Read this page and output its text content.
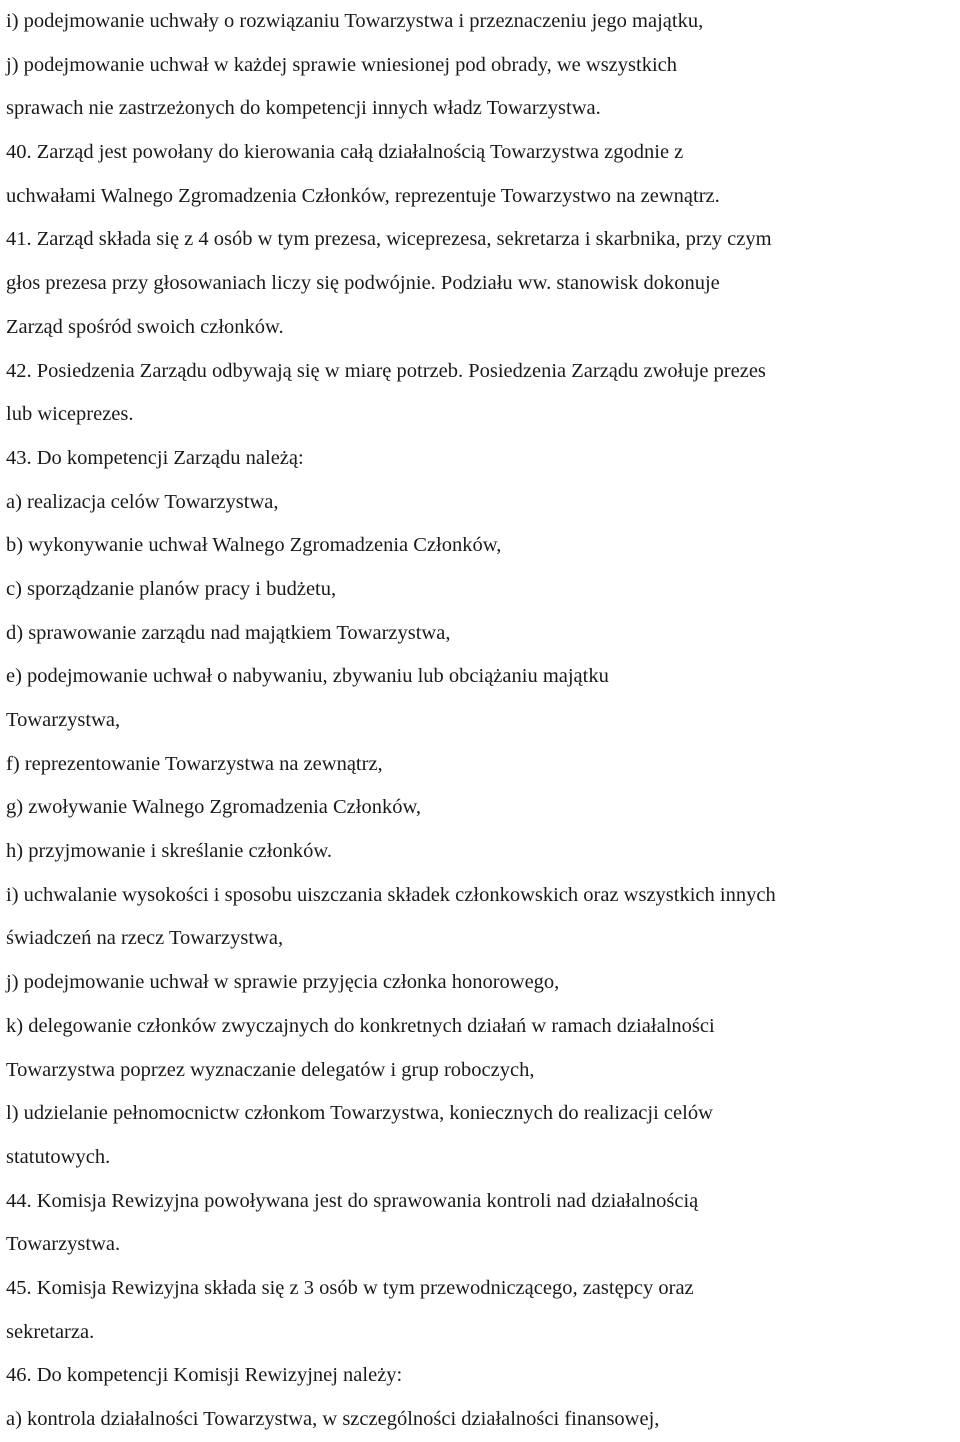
i) podejmowanie uchwały o rozwiązaniu Towarzystwa i przeznaczeniu jego majątku,
j) podejmowanie uchwał w każdej sprawie wniesionej pod obrady, we wszystkich
sprawach nie zastrzeżonych do kompetencji innych władz Towarzystwa.
40. Zarząd jest powołany do kierowania całą działalnością Towarzystwa zgodnie z
uchwałami Walnego Zgromadzenia Członków, reprezentuje Towarzystwo na zewnątrz.
41. Zarząd składa się z 4 osób w tym prezesa, wiceprezesa, sekretarza i skarbnika, przy czym
głos prezesa przy głosowaniach liczy się podwójnie. Podziału ww. stanowisk dokonuje
Zarząd spośród swoich członków.
42. Posiedzenia Zarządu odbywają się w miarę potrzeb. Posiedzenia Zarządu zwołuje prezes
lub wiceprezes.
43. Do kompetencji Zarządu należą:
a) realizacja celów Towarzystwa,
b) wykonywanie uchwał Walnego Zgromadzenia Członków,
c) sporządzanie planów pracy i budżetu,
d) sprawowanie zarządu nad majątkiem Towarzystwa,
e) podejmowanie uchwał o nabywaniu, zbywaniu lub obciążaniu majątku
Towarzystwa,
f) reprezentowanie Towarzystwa na zewnątrz,
g) zwoływanie Walnego Zgromadzenia Członków,
h) przyjmowanie i skreślanie członków.
i) uchwalanie wysokości i sposobu uiszczania składek członkowskich oraz wszystkich innych
świadczeń na rzecz Towarzystwa,
j) podejmowanie uchwał w sprawie przyjęcia członka honorowego,
k) delegowanie członków zwyczajnych do konkretnych działań w ramach działalności
Towarzystwa poprzez wyznaczanie delegatów i grup roboczych,
l) udzielanie pełnomocnictw członkom Towarzystwa, koniecznych do realizacji celów
statutowych.
44. Komisja Rewizyjna powoływana jest do sprawowania kontroli nad działalnością
Towarzystwa.
45. Komisja Rewizyjna składa się z 3 osób w tym przewodniczącego, zastępcy oraz
sekretarza.
46. Do kompetencji Komisji Rewizyjnej należy:
a) kontrola działalności Towarzystwa, w szczególności działalności finansowej,
